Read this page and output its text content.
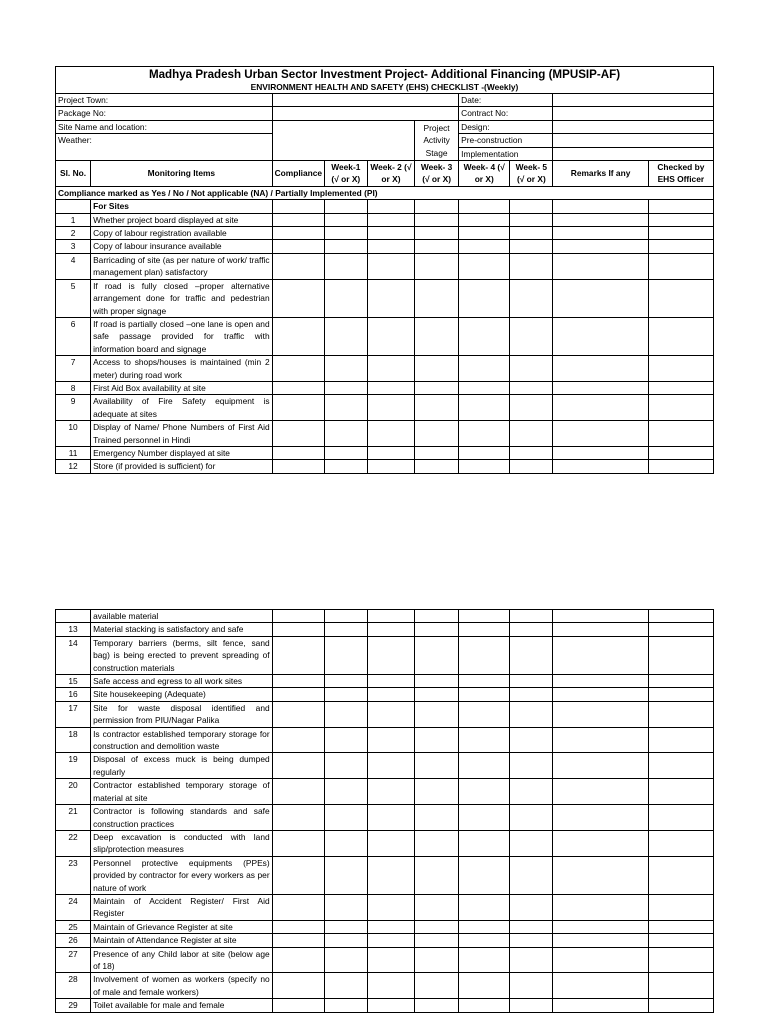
Madhya Pradesh Urban Sector Investment Project- Additional Financing (MPUSIP-AF)
ENVIRONMENT HEALTH AND SAFETY (EHS) CHECKLIST -(Weekly)									

Project Town:						Date:			
Package No:						Contract No:			
Site Name and location:					Project Activity Stage	Design:			
Weather:						Pre-construction			
						Implementation			
Sl. No.	Monitoring Items	Compliance	Week-1 (√ or X)	Week- 2 (√ or X)	Week- 3 (√ or X)	Week- 4 (√ or X)	Week- 5 (√ or X)	Remarks If any	Checked by EHS Officer
Compliance marked as Yes / No / Not applicable (NA) / Partially Implemented (PI)									
	For Sites								
1	Whether project board displayed at site								
2	Copy of labour registration available								
3	Copy of labour insurance available								
4	Barricading of site (as per nature of work/ traffic management plan) satisfactory								
5	If road is fully closed –proper alternative arrangement done for traffic and pedestrian with proper signage								
6	If road is partially closed –one lane is open and safe passage provided for traffic with information board and signage								
7	Access to shops/houses is maintained (min 2 meter) during road work								
8	First Aid Box availability at site								
9	Availability of Fire Safety equipment is adequate at sites								
10	Display of Name/ Phone Numbers of First Aid Trained personnel in Hindi								
11	Emergency Number displayed at site								
12	Store (if provided is sufficient) for								
	available material								
13	Material stacking is satisfactory and safe								
14	Temporary barriers (berms, silt fence, sand bag) is being erected to prevent spreading of construction materials								
15	Safe access and egress to all work sites								
16	Site housekeeping (Adequate)								
17	Site for waste disposal identified and permission from PIU/Nagar Palika								
18	Is contractor established temporary storage for construction and demolition waste								
19	Disposal of excess muck is being dumped regularly								
20	Contractor established temporary storage of material at site								
21	Contractor is following standards and safe construction practices								
22	Deep excavation is conducted with land slip/protection measures								
23	Personnel protective equipments (PPEs) provided by contractor for every workers as per nature of work								
24	Maintain of Accident Register/ First Aid Register								
25	Maintain of Grievance Register at site								
26	Maintain of Attendance Register at site								
27	Presence of any Child labor at site (below age of 18)								
28	Involvement of women as workers (specify no of male and female workers)								
29	Toilet available for male and female								
